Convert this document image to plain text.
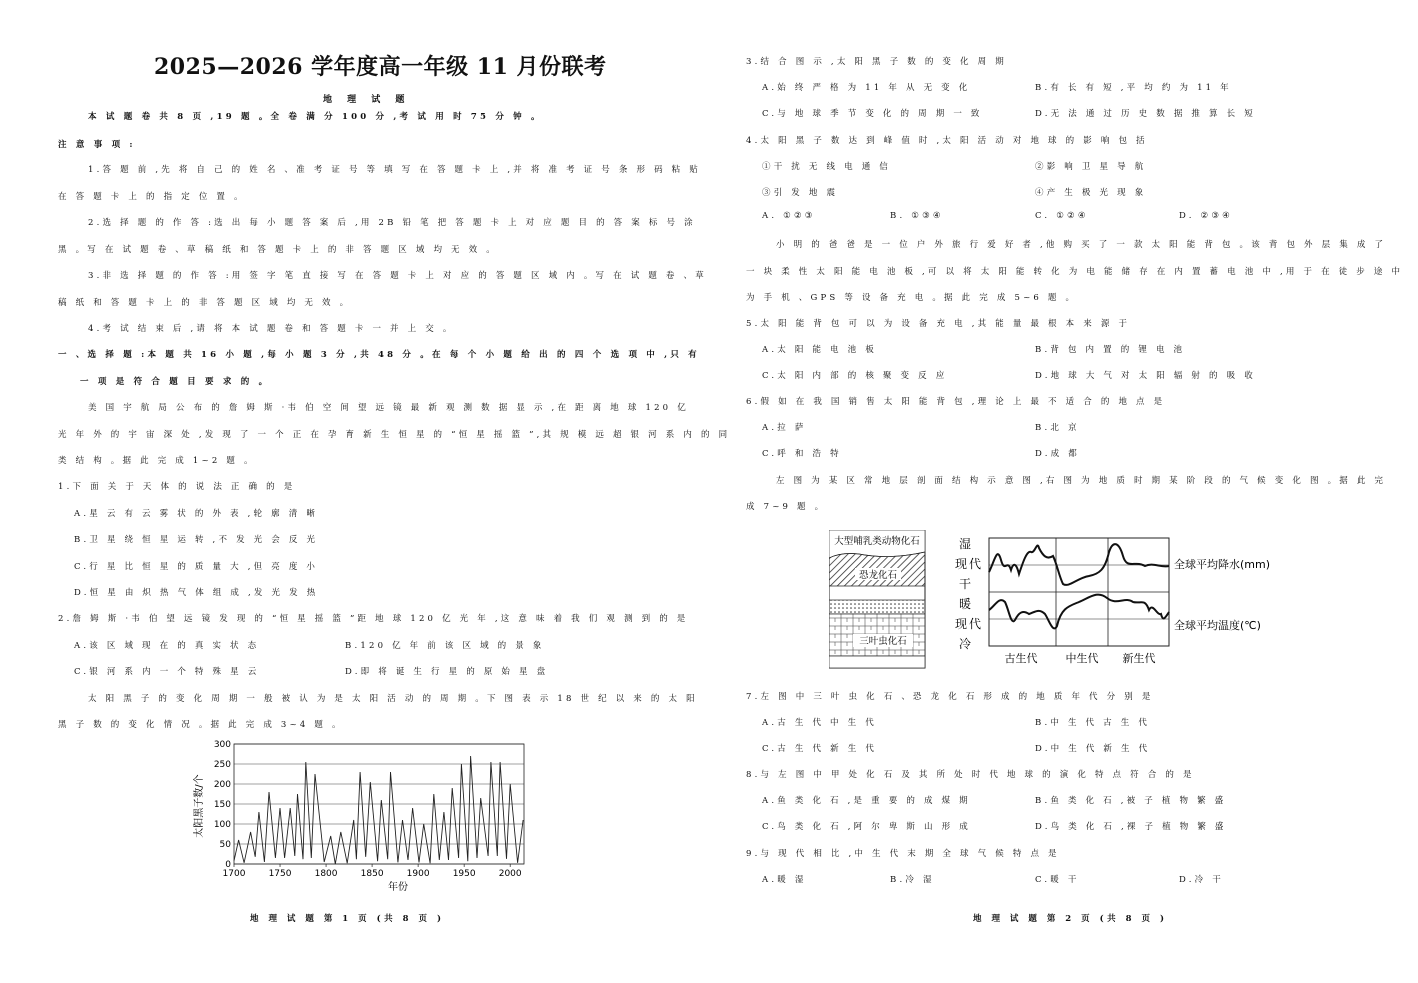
2025—2026 学年度高一年级 11 月份联考
地 理 试 题
本 试 题 卷 共 8 页 ,19 题 。全 卷 满 分 100 分 ,考 试 用 时 75 分 钟 。
注 意 事 项 :
1.答 题 前 ,先 将 自 己 的 姓 名 、准 考 证 号 等 填 写 在 答 题 卡 上 ,并 将 准 考 证 号 条 形 码 粘 贴
在 答 题 卡 上 的 指 定 位 置 。
2.选 择 题 的 作 答 :选 出 每 小 题 答 案 后 ,用 2B 铅 笔 把 答 题 卡 上 对 应 题 目 的 答 案 标 号 涂
黑 。写 在 试 题 卷 、草 稿 纸 和 答 题 卡 上 的 非 答 题 区 域 均 无 效 。
3.非 选 择 题 的 作 答 :用 签 字 笔 直 接 写 在 答 题 卡 上 对 应 的 答 题 区 域 内 。写 在 试 题 卷 、草
稿 纸 和 答 题 卡 上 的 非 答 题 区 域 均 无 效 。
4.考 试 结 束 后 ,请 将 本 试 题 卷 和 答 题 卡 一 并 上 交 。
一 、选 择 题 :本 题 共 16 小 题 ,每 小 题 3 分 ,共 48 分 。在 每 个 小 题 给 出 的 四 个 选 项 中 ,只 有
一 项 是 符 合 题 目 要 求 的 。
美 国 宇 航 局 公 布 的 詹 姆 斯 ·韦 伯 空 间 望 远 镜 最 新 观 测 数 据 显 示 ,在 距 离 地 球 120 亿
光 年 外 的 宇 宙 深 处 ,发 现 了 一 个 正 在 孕 育 新 生 恒 星 的 “恒 星 摇 篮 ”,其 规 模 远 超 银 河 系 内 的 同
类 结 构 。据 此 完 成 1~2 题 。
1.下 面 关 于 天 体 的 说 法 正 确 的 是
A.星 云 有 云 雾 状 的 外 表 ,轮 廓 清 晰
B.卫 星 绕 恒 星 运 转 ,不 发 光 会 反 光
C.行 星 比 恒 星 的 质 量 大 ,但 亮 度 小
D.恒 星 由 炽 热 气 体 组 成 ,发 光 发 热
2.詹 姆 斯 ·韦 伯 望 远 镜 发 现 的 “恒 星 摇 篮 ”距 地 球 120 亿 光 年 ,这 意 味 着 我 们 观 测 到 的 是
A.该 区 域 现 在 的 真 实 状 态	B.120 亿 年 前 该 区 域 的 景 象
C.银 河 系 内 一 个 特 殊 星 云	D.即 将 诞 生 行 星 的 原 始 星 盘
太 阳 黑 子 的 变 化 周 期 一 般 被 认 为 是 太 阳 活 动 的 周 期 。下 图 表 示 18 世 纪 以 来 的 太 阳
黑 子 数 的 变 化 情 况 。据 此 完 成 3~4 题 。
0
50
100
150
200
250
300
1700	1750	1800	1850	1900	1950	2000
年份
太阳黑子数/个
地 理 试 题 第 1 页 (共 8 页 )
3.结 合 图 示 ,太 阳 黑 子 数 的 变 化 周 期
A.始 终 严 格 为 11 年 从 无 变 化	B.有 长 有 短 ,平 均 约 为 11 年
C.与 地 球 季 节 变 化 的 周 期 一 致	D.无 法 通 过 历 史 数 据 推 算 长 短
4.太 阳 黑 子 数 达 到 峰 值 时 ,太 阳 活 动 对 地 球 的 影 响 包 括
①干 扰 无 线 电 通 信	②影 响 卫 星 导 航
③引 发 地 震	④产 生 极 光 现 象
A. ①②③	B. ①③④	C. ①②④	D. ②③④
小 明 的 爸 爸 是 一 位 户 外 旅 行 爱 好 者 ,他 购 买 了 一 款 太 阳 能 背 包 。该 背 包 外 层 集 成 了
一 块 柔 性 太 阳 能 电 池 板 ,可 以 将 太 阳 能 转 化 为 电 能 储 存 在 内 置 蓄 电 池 中 ,用 于 在 徒 步 途 中
为 手 机 、GPS 等 设 备 充 电 。据 此 完 成 5~6 题 。
5.太 阳 能 背 包 可 以 为 设 备 充 电 ,其 能 量 最 根 本 来 源 于
A.太 阳 能 电 池 板	B.背 包 内 置 的 锂 电 池
C.太 阳 内 部 的 核 聚 变 反 应	D.地 球 大 气 对 太 阳 辐 射 的 吸 收
6.假 如 在 我 国 销 售 太 阳 能 背 包 ,理 论 上 最 不 适 合 的 地 点 是
A.拉 萨	B.北 京
C.呼 和 浩 特	D.成 都
左 图 为 某 区 常 地 层 剖 面 结 构 示 意 图 ,右 图 为 地 质 时 期 某 阶 段 的 气 候 变 化 图 。据 此 完
成 7~9 题 。
大型哺乳类动物化石
恐龙化石
三叶虫化石
湿
现 代
干
暖
现 代
冷
全球平均降水(mm)
全球平均温度(℃)
古生代	中生代 新生代
7.左 图 中 三 叶 虫 化 石 、恐 龙 化 石 形 成 的 地 质 年 代 分 别 是
A.古 生 代 中 生 代	B.中 生 代 古 生 代
C.古 生 代 新 生 代	D.中 生 代 新 生 代
8.与 左 图 中 甲 处 化 石 及 其 所 处 时 代 地 球 的 演 化 特 点 符 合 的 是
A.鱼 类 化 石 ,是 重 要 的 成 煤 期	B.鱼 类 化 石 ,被 子 植 物 繁 盛
C.鸟 类 化 石 ,阿 尔 卑 斯 山 形 成	D.鸟 类 化 石 ,裸 子 植 物 繁 盛
9.与 现 代 相 比 ,中 生 代 末 期 全 球 气 候 特 点 是
A.暖 湿	B.冷 湿	C.暖 干	D.冷 干
地 理 试 题 第 2 页 (共 8 页 )
